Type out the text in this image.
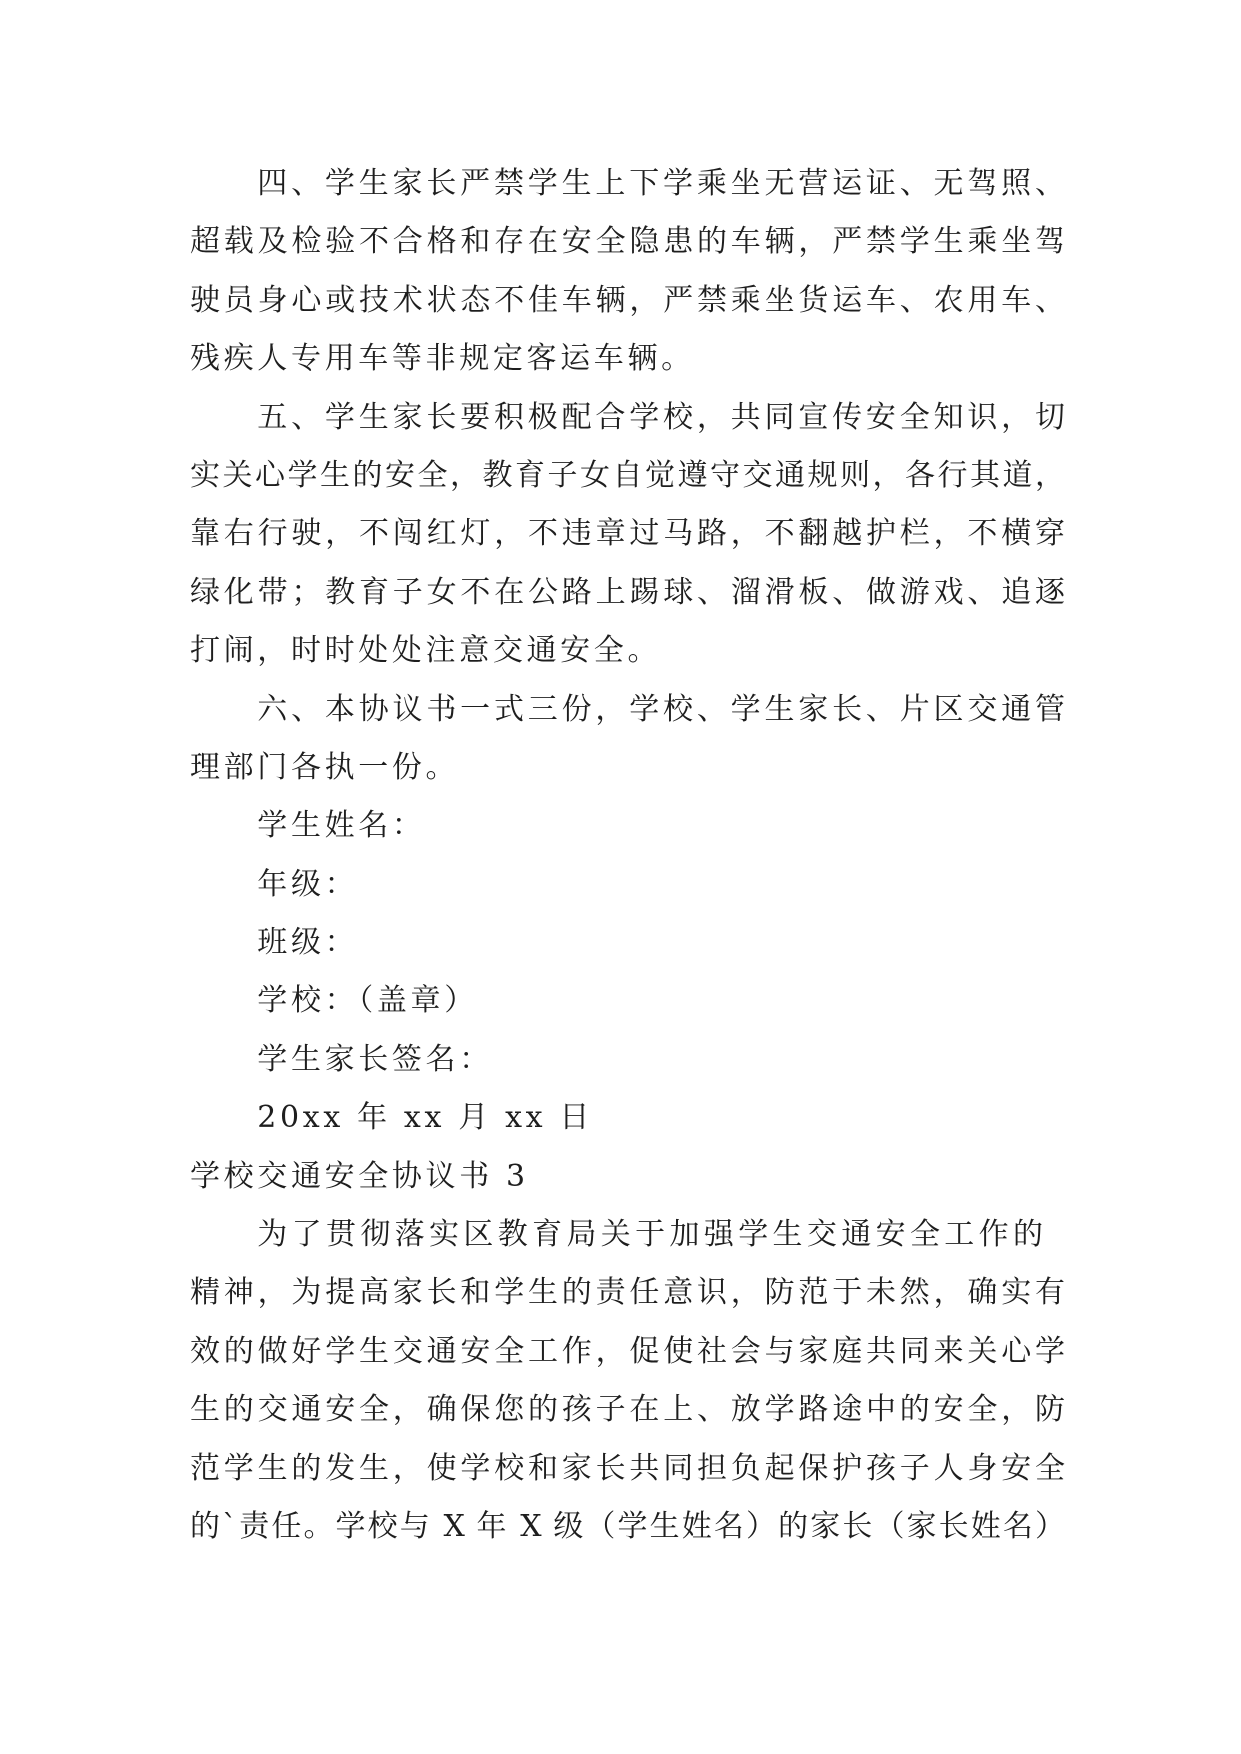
四、学生家长严禁学生上下学乘坐无营运证、无驾照、
超载及检验不合格和存在安全隐患的车辆，严禁学生乘坐驾
驶员身心或技术状态不佳车辆，严禁乘坐货运车、农用车、
残疾人专用车等非规定客运车辆。
五、学生家长要积极配合学校，共同宣传安全知识，切
实关心学生的安全，教育子女自觉遵守交通规则，各行其道，
靠右行驶，不闯红灯，不违章过马路，不翻越护栏，不横穿
绿化带；教育子女不在公路上踢球、溜滑板、做游戏、追逐
打闹，时时处处注意交通安全。
六、本协议书一式三份，学校、学生家长、片区交通管
理部门各执一份。
学生姓名：
年级：
班级：
学校：（盖章）
学生家长签名：
20xx 年 xx 月 xx 日
学校交通安全协议书 3
为了贯彻落实区教育局关于加强学生交通安全工作的
精神，为提高家长和学生的责任意识，防范于未然，确实有
效的做好学生交通安全工作，促使社会与家庭共同来关心学
生的交通安全，确保您的孩子在上、放学路途中的安全，防
范学生的发生，使学校和家长共同担负起保护孩子人身安全
的`责任。学校与 X 年 X 级（学生姓名）的家长（家长姓名）
